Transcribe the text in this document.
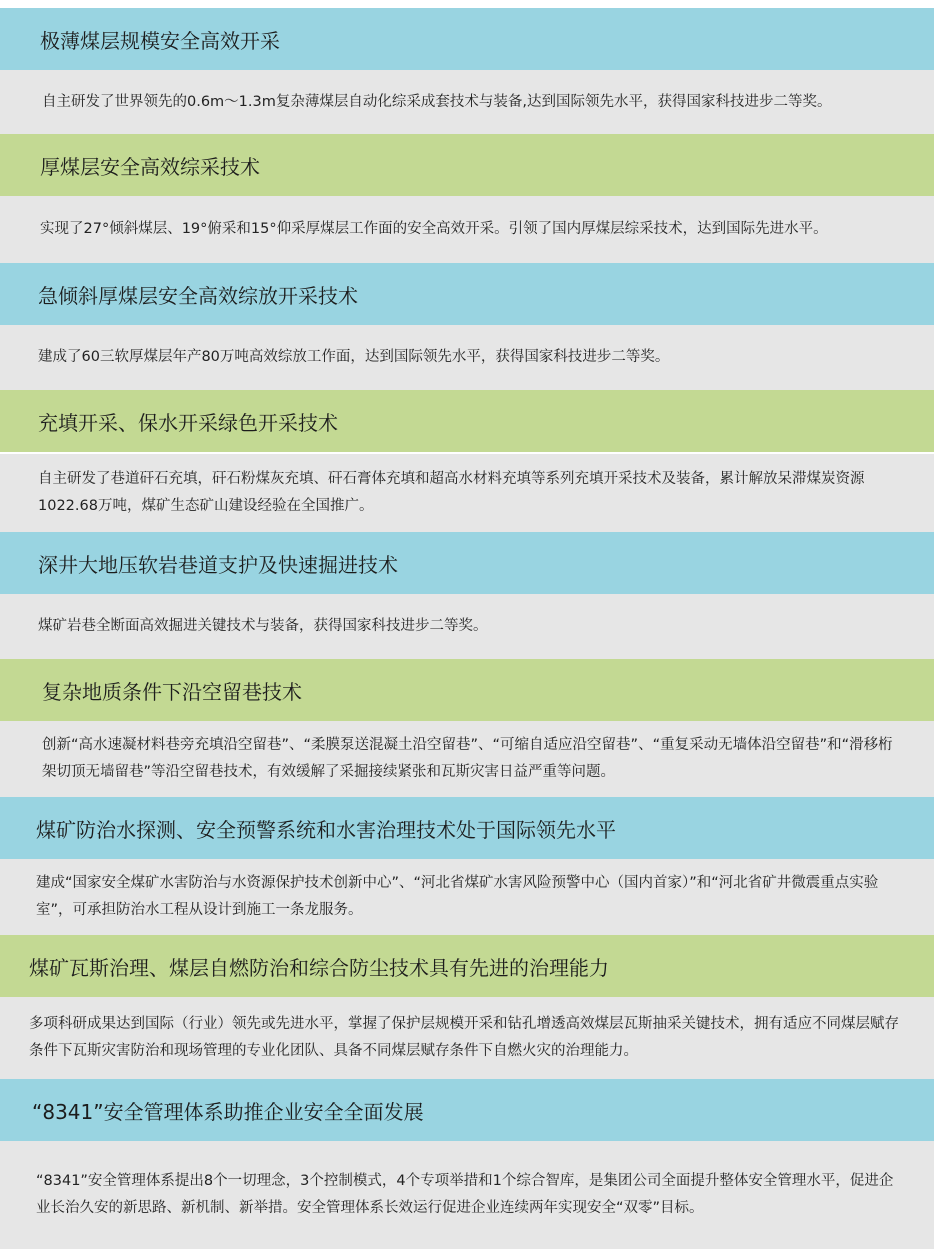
极薄煤层规模安全高效开采
自主研发了世界领先的0.6m～1.3m复杂薄煤层自动化综采成套技术与装备,达到国际领先水平，获得国家科技进步二等奖。
厚煤层安全高效综采技术
实现了27°倾斜煤层、19°俯采和15°仰采厚煤层工作面的安全高效开采。引领了国内厚煤层综采技术，达到国际先进水平。
急倾斜厚煤层安全高效综放开采技术
建成了60三软厚煤层年产80万吨高效综放工作面，达到国际领先水平，获得国家科技进步二等奖。
充填开采、保水开采绿色开采技术
自主研发了巷道矸石充填，矸石粉煤灰充填、矸石膏体充填和超高水材料充填等系列充填开采技术及装备，累计解放呆滞煤炭资源1022.68万吨，煤矿生态矿山建设经验在全国推广。
深井大地压软岩巷道支护及快速掘进技术
煤矿岩巷全断面高效掘进关键技术与装备，获得国家科技进步二等奖。
复杂地质条件下沿空留巷技术
创新“高水速凝材料巷旁充填沿空留巷”、“柔膜泵送混凝土沿空留巷”、“可缩自适应沿空留巷”、“重复采动无墙体沿空留巷”和“滑移桁架切顶无墙留巷”等沿空留巷技术，有效缓解了采掘接续紧张和瓦斯灾害日益严重等问题。
煤矿防治水探测、安全预警系统和水害治理技术处于国际领先水平
建成“国家安全煤矿水害防治与水资源保护技术创新中心”、“河北省煤矿水害风险预警中心（国内首家）”和“河北省矿井微震重点实验室”，可承担防治水工程从设计到施工一条龙服务。
煤矿瓦斯治理、煤层自燃防治和综合防尘技术具有先进的治理能力
多项科研成果达到国际（行业）领先或先进水平，掌握了保护层规模开采和钻孔增透高效煤层瓦斯抽采关键技术，拥有适应不同煤层赋存条件下瓦斯灾害防治和现场管理的专业化团队、具备不同煤层赋存条件下自燃火灾的治理能力。
“8341”安全管理体系助推企业安全全面发展
“8341”安全管理体系提出8个一切理念，3个控制模式，4个专项举措和1个综合智库，是集团公司全面提升整体安全管理水平，促进企业长治久安的新思路、新机制、新举措。安全管理体系长效运行促进企业连续两年实现安全“双零”目标。
